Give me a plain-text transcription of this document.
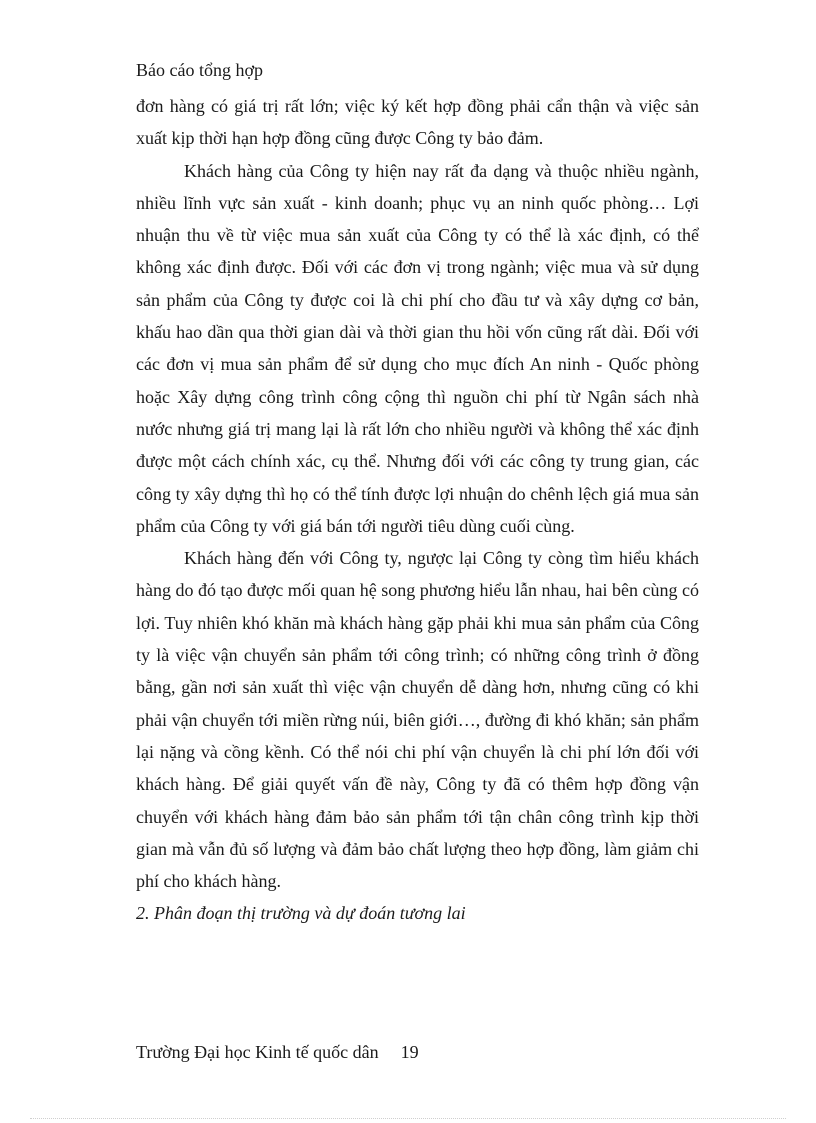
Báo cáo tổng hợp

đơn hàng có giá trị rất lớn; việc ký kết hợp đồng phải cẩn thận và việc sản xuất kịp thời hạn hợp đồng cũng được Công ty bảo đảm.

Khách hàng của Công ty hiện nay rất đa dạng và thuộc nhiều ngành, nhiều lĩnh vực sản xuất - kinh doanh; phục vụ an ninh quốc phòng… Lợi nhuận thu về từ việc mua sản xuất của Công ty có thể là xác định, có thể không xác định được. Đối với các đơn vị trong ngành; việc mua và sử dụng sản phẩm của Công ty được coi là chi phí cho đầu tư và xây dựng cơ bản, khấu hao dần qua thời gian dài và thời gian thu hồi vốn cũng rất dài. Đối với các đơn vị mua sản phẩm để sử dụng cho mục đích An ninh - Quốc phòng hoặc Xây dựng công trình công cộng thì nguồn chi phí từ Ngân sách nhà nước nhưng giá trị mang lại là rất lớn cho nhiều người và không thể xác định được một cách chính xác, cụ thể. Nhưng đối với các công ty trung gian, các công ty xây dựng thì họ có thể tính được lợi nhuận do chênh lệch giá mua sản phẩm của Công ty với giá bán tới người tiêu dùng cuối cùng.

Khách hàng đến với Công ty, ngược lại Công ty còng tìm hiểu khách hàng do đó tạo được mối quan hệ song phương hiểu lẫn nhau, hai bên cùng có lợi. Tuy nhiên khó khăn mà khách hàng gặp phải khi mua sản phẩm của Công ty là việc vận chuyển sản phẩm tới công trình; có những công trình ở đồng bằng, gần nơi sản xuất thì việc vận chuyển dễ dàng hơn, nhưng cũng có khi phải vận chuyển tới miền rừng núi, biên giới…, đường đi khó khăn; sản phẩm lại nặng và cồng kềnh. Có thể nói chi phí vận chuyển là chi phí lớn đối với khách hàng. Để giải quyết vấn đề này, Công ty đã có thêm hợp đồng vận chuyển với khách hàng đảm bảo sản phẩm tới tận chân công trình kịp thời gian mà vẫn đủ số lượng và đảm bảo chất lượng theo hợp đồng, làm giảm chi phí cho khách hàng.

2. Phân đoạn thị trường và dự đoán tương lai

Trường Đại học Kinh tế quốc dân 19
